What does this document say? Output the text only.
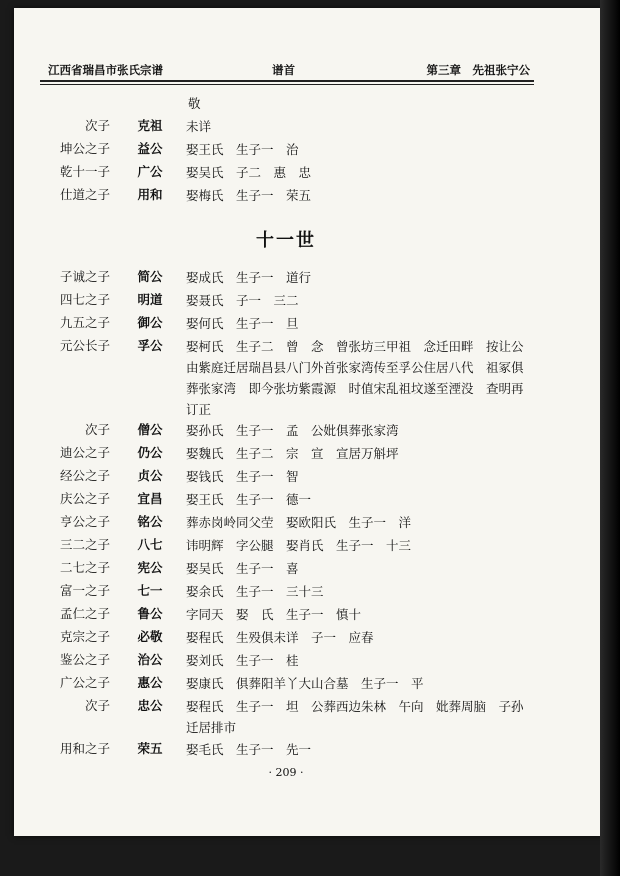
江西省瑞昌市张氏宗谱	谱首	第三章　先祖张宁公
敬
次子	克祖	未详
坤公之子	益公	娶王氏　生子一　治
乾十一子	广公	娶吴氏　子二　惠　忠
仕道之子	用和	娶梅氏　生子一　荣五
十一世
子诚之子	简公	娶成氏　生子一　道行
四七之子	明道	娶聂氏　子一　三二
九五之子	御公	娶何氏　生子一　旦
元公长子	孚公	娶柯氏　生子二　曾　念　曾张坊三甲祖　念迁田畔　按让公由紫庭迁居瑞昌县八门外首张家湾传至孚公住居八代　祖冢俱葬张家湾　即今张坊紫霞源　时值宋乱祖坟遂至湮没　查明再订正
次子	僧公	娶孙氏　生子一　孟　公妣俱葬张家湾
迪公之子	仍公	娶魏氏　生子二　宗　宣　宣居万斛坪
经公之子	贞公	娶钱氏　生子一　智
庆公之子	宜昌	娶王氏　生子一　德一
亨公之子	铭公	葬赤岗岭同父茔　娶欧阳氏　生子一　洋
三二之子	八七	讳明辉　字公腿　娶肖氏　生子一　十三
二七之子	宪公	娶吴氏　生子一　喜
富一之子	七一	娶余氏　生子一　三十三
孟仁之子	鲁公	字同天　娶　氏　生子一　慎十
克宗之子	必敬	娶程氏　生殁俱未详　子一　应春
鉴公之子	治公	娶刘氏　生子一　桂
广公之子	惠公	娶康氏　俱葬阳羊丫大山合墓　生子一　平
次子	忠公	娶程氏　生子一　坦　公葬西边朱林　午向　妣葬周脑　子孙迁居排市
用和之子	荣五	娶毛氏　生子一　先一
· 209 ·
